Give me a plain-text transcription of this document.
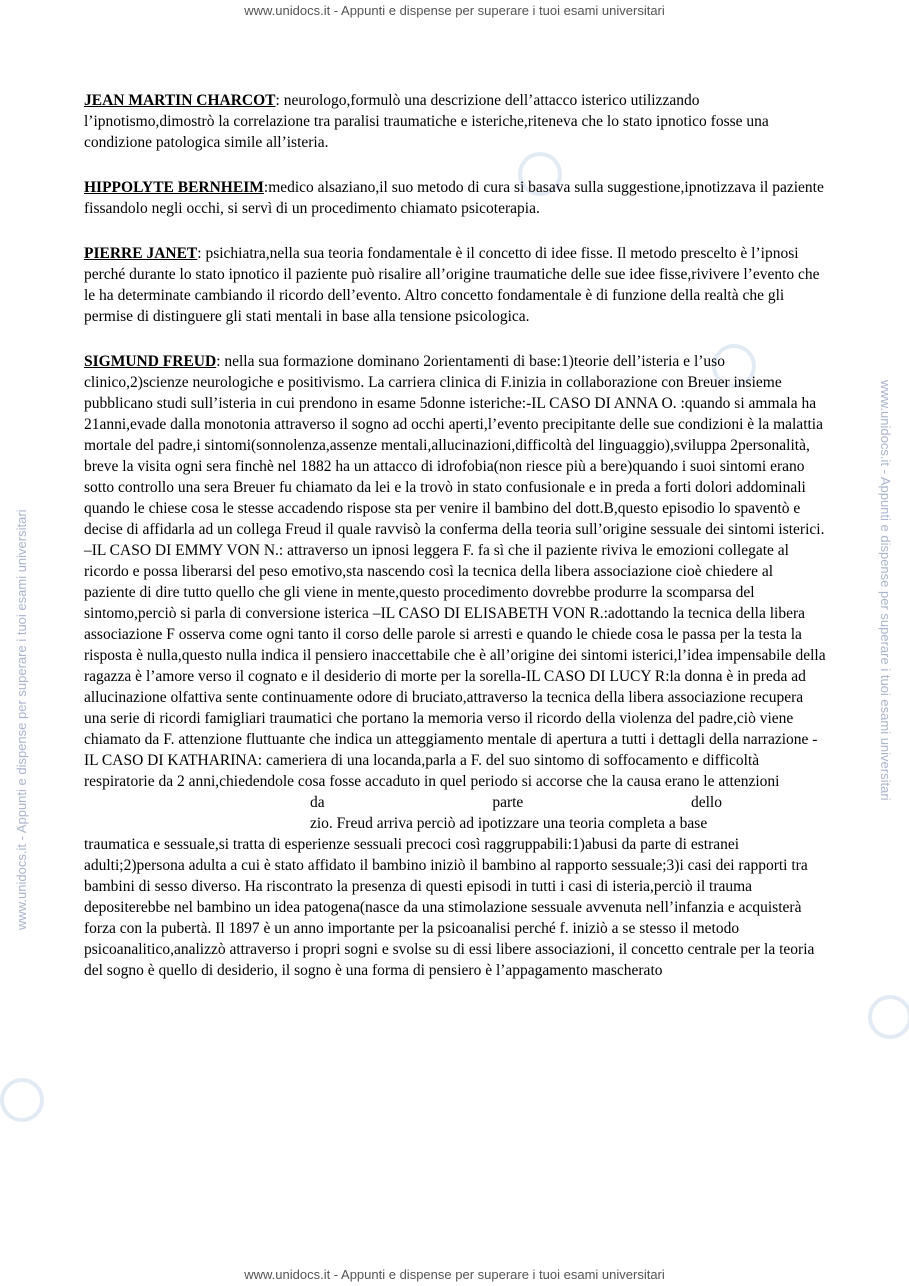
www.unidocs.it - Appunti e dispense per superare i tuoi esami universitari
www.unidocs.it - Appunti e dispense per superare i tuoi esami universitari	www.unidocs.it - Appunti e dispense per superare i tuoi esami universitari

JEAN MARTIN CHARCOT: neurologo,formulò una descrizione dell’attacco isterico utilizzando l’ipnotismo,dimostrò la correlazione tra paralisi traumatiche e isteriche,riteneva che lo stato ipnotico fosse una condizione patologica simile all’isteria.

HIPPOLYTE BERNHEIM:medico alsaziano,il suo metodo di cura si basava sulla suggestione,ipnotizzava il paziente fissandolo negli occhi, si servì di un procedimento chiamato psicoterapia.

PIERRE JANET: psichiatra,nella sua teoria fondamentale è il concetto di idee fisse. Il metodo prescelto è l’ipnosi perché durante lo stato ipnotico il paziente può risalire all’origine traumatiche delle sue idee fisse,rivivere l’evento che le ha determinate cambiando il ricordo dell’evento. Altro concetto fondamentale è di funzione della realtà che gli permise di distinguere gli stati mentali in base alla tensione psicologica.

SIGMUND FREUD: nella sua formazione dominano 2orientamenti di base:1)teorie dell’isteria e l’uso clinico,2)scienze neurologiche e positivismo. La carriera clinica di F.inizia in collaborazione con Breuer insieme pubblicano studi sull’isteria in cui prendono in esame 5donne isteriche:-IL CASO DI ANNA O. :quando si ammala ha 21anni,evade dalla monotonia attraverso il sogno ad occhi aperti,l’evento precipitante delle sue condizioni è la malattia mortale del padre,i sintomi(sonnolenza,assenze mentali,allucinazioni,difficoltà del linguaggio),sviluppa 2personalità, breve la visita ogni sera finchè nel 1882 ha un attacco di idrofobia(non riesce più a bere)quando i suoi sintomi erano sotto controllo una sera Breuer fu chiamato da lei e la trovò in stato confusionale e in preda a forti dolori addominali quando le chiese cosa le stesse accadendo rispose sta per venire il bambino del dott.B,questo episodio lo spaventò e decise di affidarla ad un collega Freud il quale ravvisò la conferma della teoria sull’origine sessuale dei sintomi isterici. –IL CASO DI EMMY VON N.: attraverso un ipnosi leggera F. fa sì che il paziente riviva le emozioni collegate al ricordo e possa liberarsi del peso emotivo,sta nascendo così la tecnica della libera associazione cioè chiedere al paziente di dire tutto quello che gli viene in mente,questo procedimento dovrebbe produrre la scomparsa del sintomo,perciò si parla di conversione isterica –IL CASO DI ELISABETH VON R.:adottando la tecnica della libera associazione F osserva come ogni tanto il corso delle parole si arresti e quando le chiede cosa le passa per la testa la risposta è nulla,questo nulla indica il pensiero inaccettabile che è all’origine dei sintomi isterici,l’idea impensabile della ragazza è l’amore verso il cognato e il desiderio di morte per la sorella-IL CASO DI LUCY R:la donna è in preda ad allucinazione olfattiva sente continuamente odore di bruciato,attraverso la tecnica della libera associazione recupera una serie di ricordi famigliari traumatici che portano la memoria verso il ricordo della violenza del padre,ciò viene chiamato da F. attenzione fluttuante che indica un atteggiamento mentale di apertura a tutti i dettagli della narrazione -IL CASO DI KATHARINA: cameriera di una locanda,parla a F. del suo sintomo di soffocamento e difficoltà respiratorie da 2 anni,chiedendole cosa fosse accaduto in quel periodo si accorse che la causa erano le attenzioni
da	parte	dello
zio. Freud arriva perciò ad ipotizzare una teoria completa a base
traumatica e sessuale,si tratta di esperienze sessuali precoci così raggruppabili:1)abusi da parte di estranei adulti;2)persona adulta a cui è stato affidato il bambino iniziò il bambino al rapporto sessuale;3)i casi dei rapporti tra bambini di sesso diverso. Ha riscontrato la presenza di questi episodi in tutti i casi di isteria,perciò il trauma depositerebbe nel bambino un idea patogena(nasce da una stimolazione sessuale avvenuta nell’infanzia e acquisterà forza con la pubertà. Il 1897 è un anno importante per la psicoanalisi perché f. iniziò a se stesso il metodo psicoanalitico,analizzò attraverso i propri sogni e svolse su di essi libere associazioni, il concetto centrale per la teoria del sogno è quello di desiderio, il sogno è una forma di pensiero è l’appagamento mascherato
www.unidocs.it - Appunti e dispense per superare i tuoi esami universitari
